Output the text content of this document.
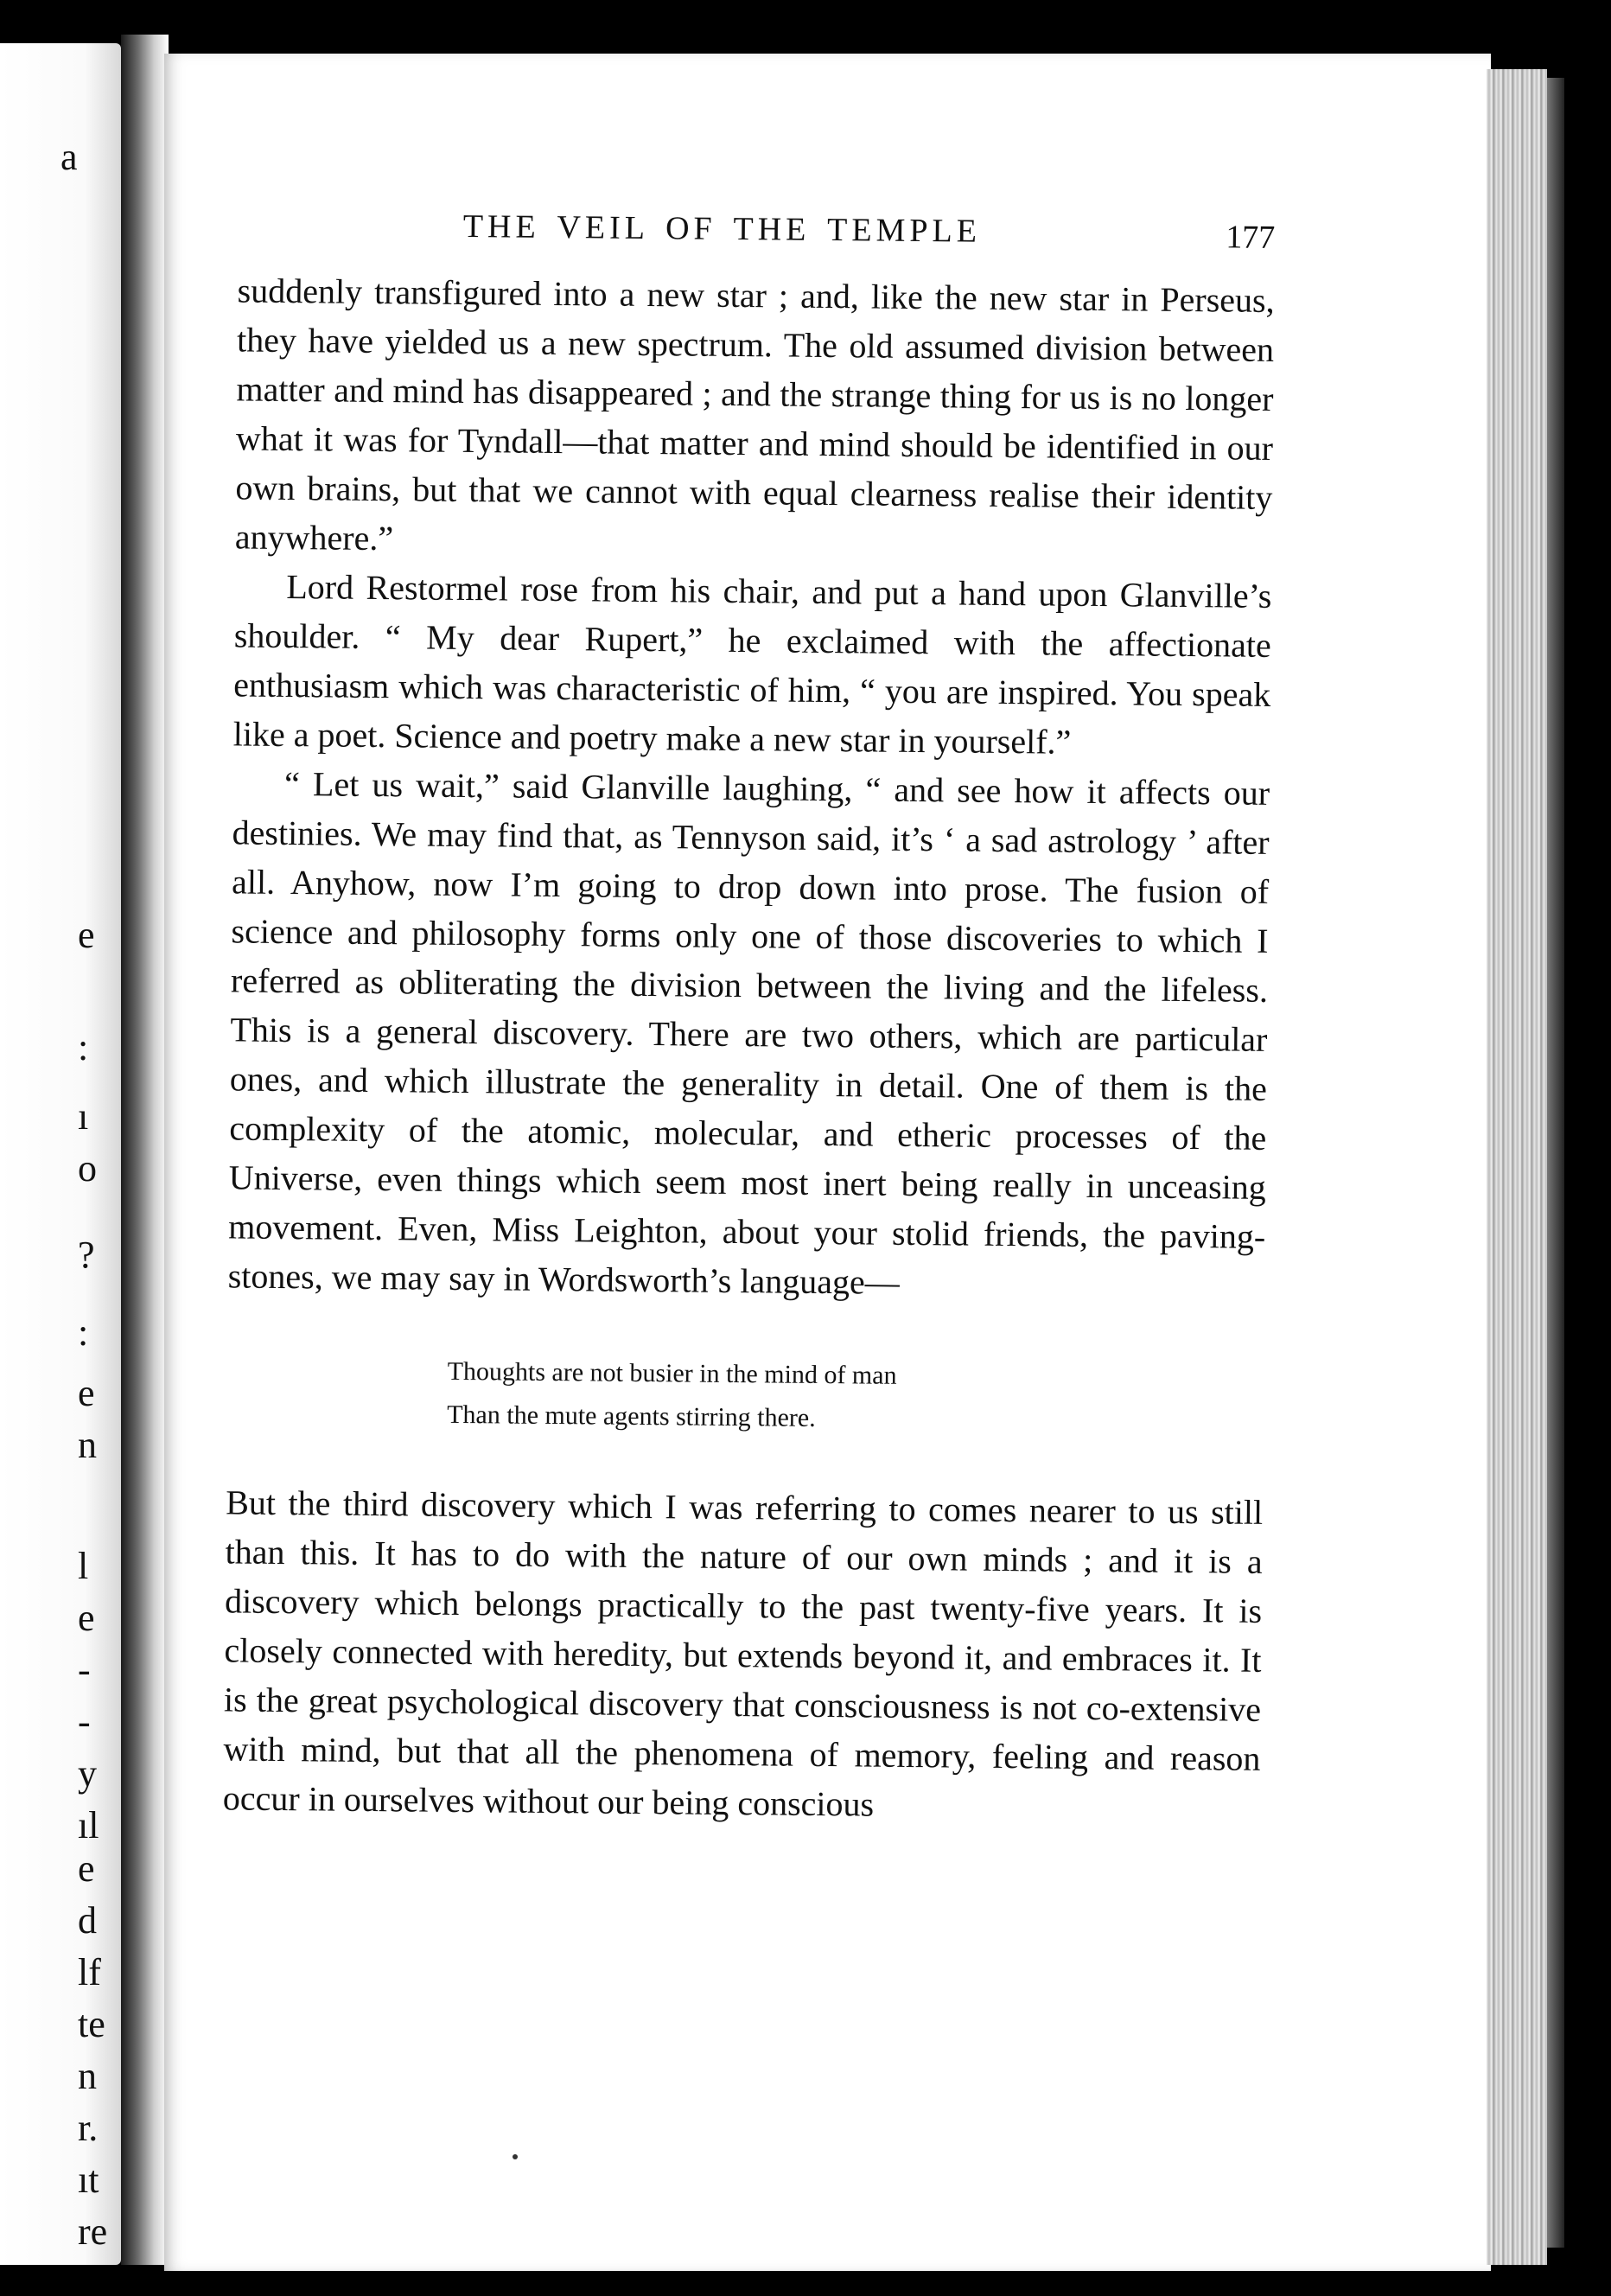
a
e
:
ı
o
?
:
e
n
l
e
-
-
y
ıl
e
d
lf
te
n
r.
ıt
re
THE VEIL OF THE TEMPLE	177

suddenly transfigured into a new star ; and, like the new star in Perseus, they have yielded us a new spectrum. The old assumed division between matter and mind has disappeared ; and the strange thing for us is no longer what it was for Tyndall—that matter and mind should be identified in our own brains, but that we cannot with equal clearness realise their identity anywhere.”

Lord Restormel rose from his chair, and put a hand upon Glanville’s shoulder. “ My dear Rupert,” he exclaimed with the affectionate enthusiasm which was characteristic of him, “ you are inspired. You speak like a poet. Science and poetry make a new star in yourself.”

“ Let us wait,” said Glanville laughing, “ and see how it affects our destinies. We may find that, as Tennyson said, it’s ‘ a sad astrology ’ after all. Anyhow, now I’m going to drop down into prose. The fusion of science and philosophy forms only one of those discoveries to which I referred as obliterating the division between the living and the lifeless. This is a general discovery. There are two others, which are particular ones, and which illustrate the generality in detail. One of them is the complexity of the atomic, molecular, and etheric processes of the Universe, even things which seem most inert being really in unceasing movement. Even, Miss Leighton, about your stolid friends, the paving-stones, we may say in Wordsworth’s language—

Thoughts are not busier in the mind of man
Than the mute agents stirring there.

But the third discovery which I was referring to comes nearer to us still than this. It has to do with the nature of our own minds ; and it is a discovery which belongs practically to the past twenty-five years. It is closely connected with heredity, but extends beyond it, and embraces it. It is the great psychological discovery that consciousness is not co-extensive with mind, but that all the phenomena of memory, feeling and reason occur in ourselves without our being conscious
